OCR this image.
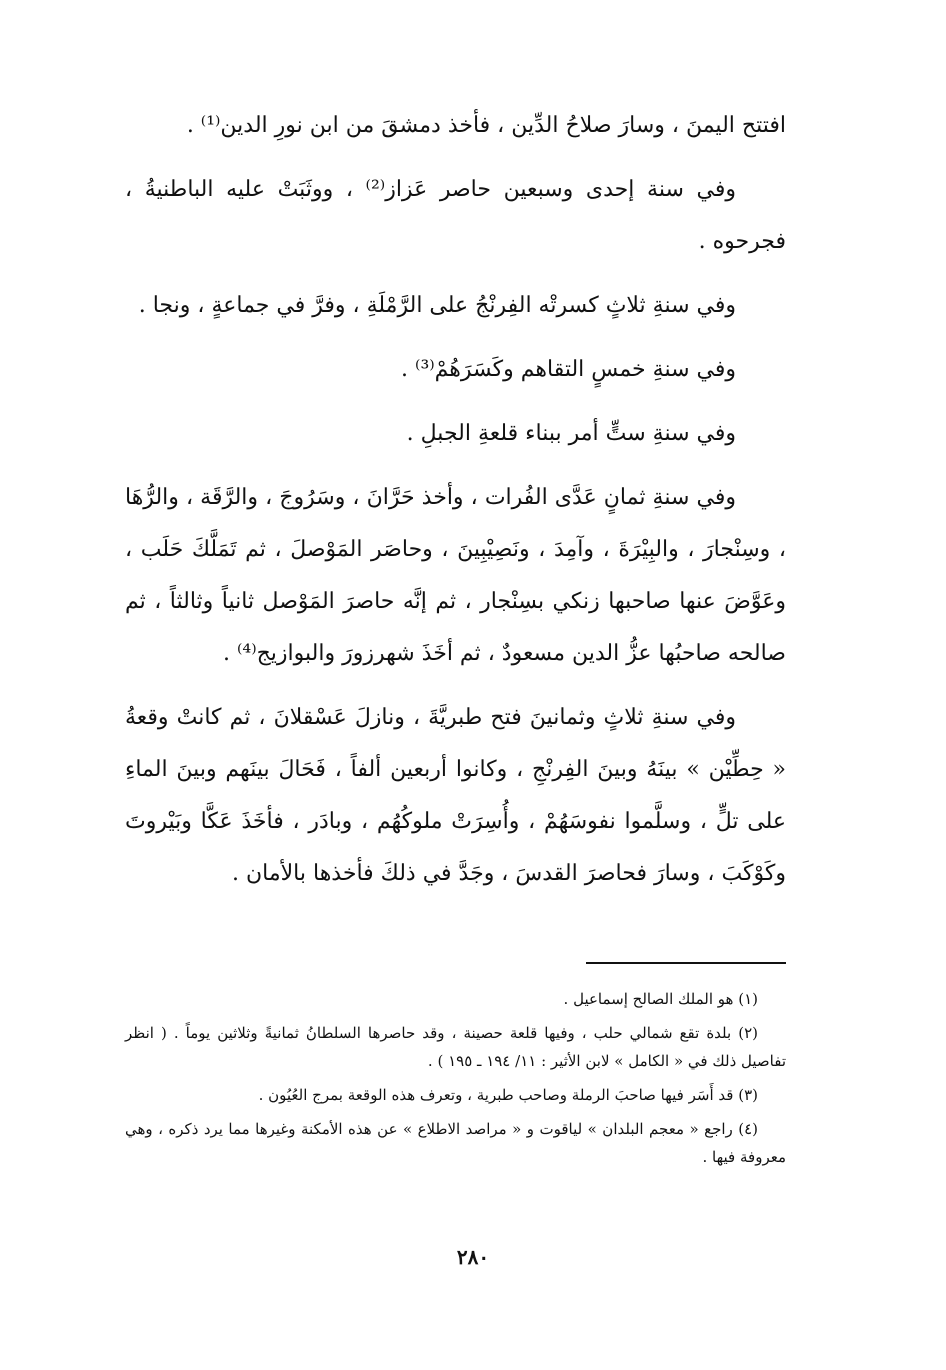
افتتح اليمنَ ، وسارَ صلاحُ الدِّين ، فأخذ دمشقَ من ابن نورِ الدين⁽¹⁾ .

وفي سنة إحدى وسبعين حاصر عَزاز⁽²⁾ ، ووثَبَتْ عليه الباطنيةُ ، فجرحوه .

وفي سنةِ ثلاثٍ كسرتْه الفِرنْجُ على الرَّمْلَةِ ، وفرَّ في جماعةٍ ، ونجا .

وفي سنةِ خمسٍ التقاهم وكَسَرَهُمْ⁽³⁾ .

وفي سنةِ ستٍّ أمر ببناء قلعةِ الجبلِ .

وفي سنةِ ثمانٍ عَدَّى الفُرات ، وأخذ حَرَّانَ ، وسَرُوجَ ، والرَّقَة ، والرُّهَا ، وسِنْجارَ ، والبِيْرَةَ ، وآمِدَ ، ونَصِيْبِينَ ، وحاصَر المَوْصلَ ، ثم تَمَلَّكَ حَلَب ، وعَوَّضَ عنها صاحبها زنكي بسِنْجار ، ثم إنَّه حاصرَ المَوْصل ثانياً وثالثاً ، ثم صالحه صاحبُها عزُّ الدين مسعودٌ ، ثم أخَذَ شهرزورَ والبوازيج⁽⁴⁾ .

وفي سنةِ ثلاثٍ وثمانينَ فتح طبريَّةَ ، ونازلَ عَسْقلانَ ، ثم كانتْ وقعةُ « حِطِّيْن » بينَهُ وبينَ الفِرنْجِ ، وكانوا أربعين ألفاً ، فَحَالَ بينَهم وبينَ الماءِ على تلٍّ ، وسلَّموا نفوسَهُمْ ، وأُسِرَتْ ملوكُهُم ، وبادَر ، فأخَذَ عَكَّا وبَيْروتَ وكَوْكَبَ ، وسارَ فحاصرَ القدسَ ، وجَدَّ في ذلكَ فأخذها بالأمان .

(١) هو الملك الصالح إسماعيل .

(٢) بلدة تقع شمالي حلب ، وفيها قلعة حصينة ، وقد حاصرها السلطانُ ثمانيةً وثلاثين يوماً . ( انظر تفاصيل ذلك في « الكامل » لابن الأثير : ١١/ ١٩٤ ـ ١٩٥ ) .

(٣) قد أَسَر فيها صاحبَ الرملة وصاحب طبرية ، وتعرف هذه الوقعة بمرج العُيُون .

(٤) راجع « معجم البلدان » لياقوت و « مراصد الاطلاع » عن هذه الأمكنة وغيرها مما يرد ذكره ، وهي معروفة فيها .

٢٨٠
